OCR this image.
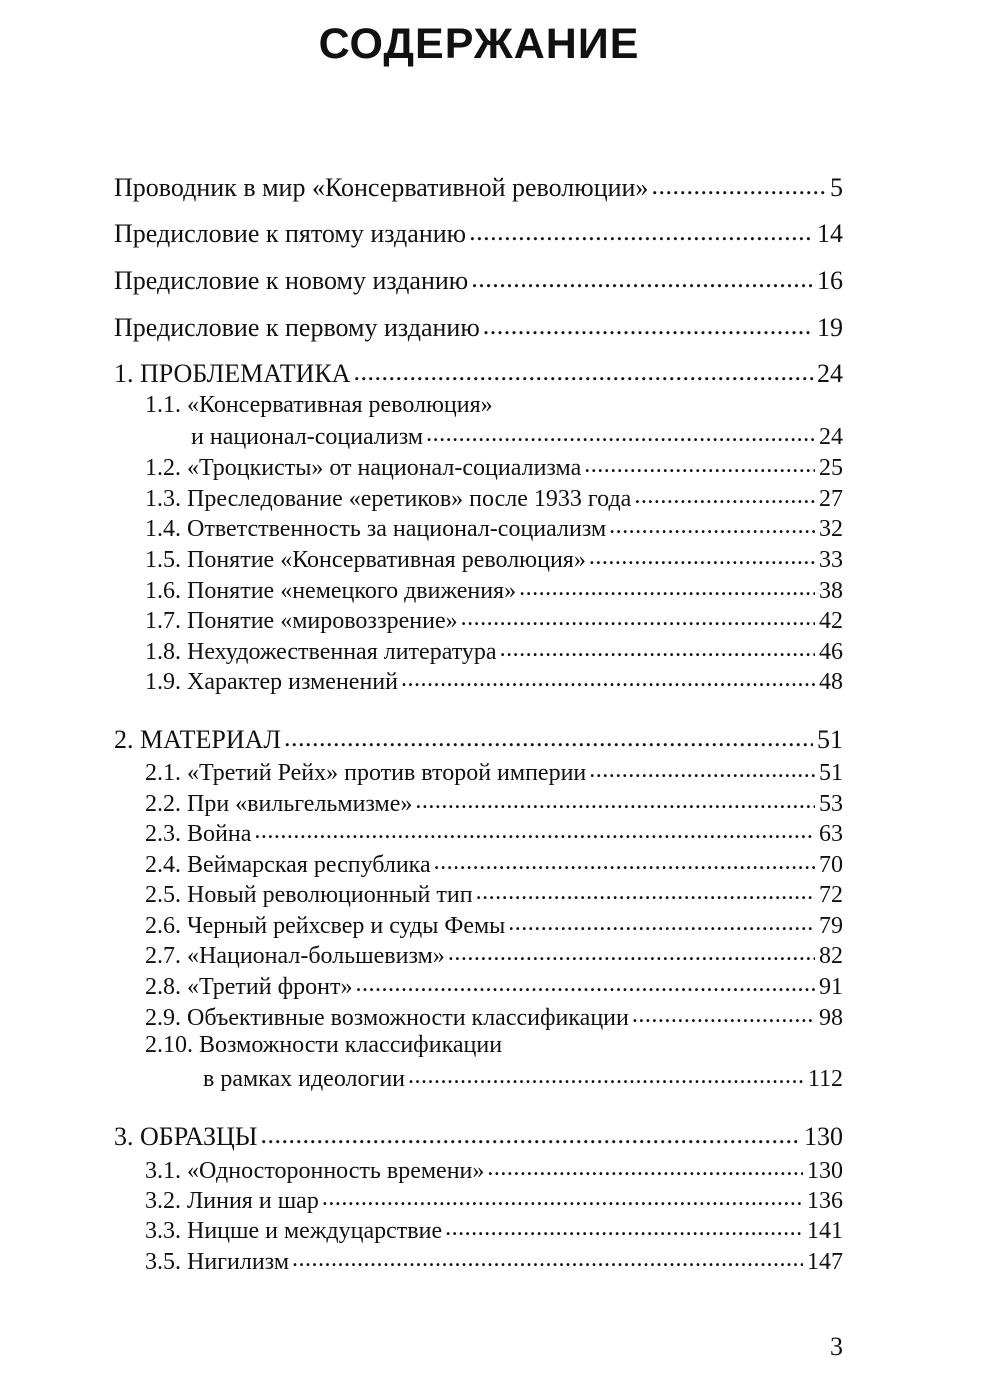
СОДЕРЖАНИЕ
Проводник в мир «Консервативной революции» .....	5
Предисловие к пятому изданию .....	14
Предисловие к новому изданию .....	16
Предисловие к первому изданию .....	19
1. ПРОБЛЕМАТИКА .....	24
1.1. «Консервативная революция»
и национал-социализм .....	24
1.2. «Троцкисты» от национал-социализма .....	25
1.3. Преследование «еретиков» после 1933 года .....	27
1.4. Ответственность за национал-социализм .....	32
1.5. Понятие «Консервативная революция» .....	33
1.6. Понятие «немецкого движения» .....	38
1.7. Понятие «мировоззрение» .....	42
1.8. Нехудожественная литература .....	46
1.9. Характер изменений .....	48
2. МАТЕРИАЛ .....	51
2.1. «Третий Рейх» против второй империи .....	51
2.2. При «вильгельмизме» .....	53
2.3. Война .....	63
2.4. Веймарская республика .....	70
2.5. Новый революционный тип .....	72
2.6. Черный рейхсвер и суды Фемы .....	79
2.7. «Национал-большевизм» .....	82
2.8. «Третий фронт» .....	91
2.9. Объективные возможности классификации .....	98
2.10. Возможности классификации
в рамках идеологии .....	112
3. ОБРАЗЦЫ .....	130
3.1. «Односторонность времени» .....	130
3.2. Линия и шар .....	136
3.3. Ницше и междуцарствие .....	141
3.5. Нигилизм .....	147
3
